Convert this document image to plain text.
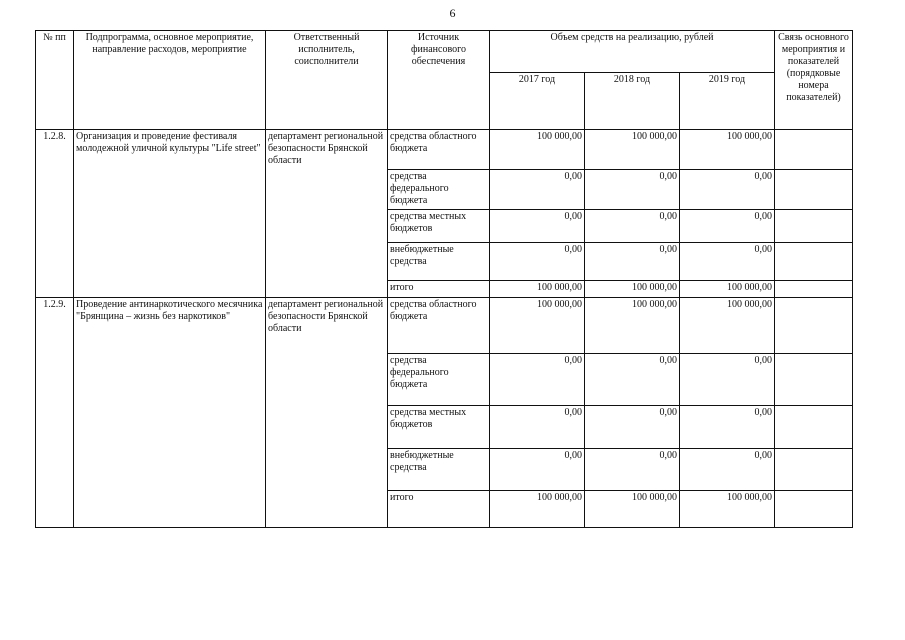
6
№ пп	Подпрограмма, основное мероприятие, направление расходов, мероприятие	Ответственный исполнитель, соисполнители	Источник финансового обеспечения	Объем средств на реализацию, рублей			Связь основного мероприятия и показателей (порядковые номера показателей)
				2017 год	2018 год	2019 год	
1.2.8.	Организация и проведение фестиваля молодежной уличной культуры "Life street"	департамент региональной безопасности Брянской области	средства областного бюджета	100 000,00	100 000,00	100 000,00	
			средства федерального бюджета	0,00	0,00	0,00	
			средства местных бюджетов	0,00	0,00	0,00	
			внебюджетные средства	0,00	0,00	0,00	
			итого	100 000,00	100 000,00	100 000,00	
1.2.9.	Проведение антинаркотического месячника "Брянщина – жизнь без наркотиков"	департамент региональной безопасности Брянской области	средства областного бюджета	100 000,00	100 000,00	100 000,00	
			средства федерального бюджета	0,00	0,00	0,00	
			средства местных бюджетов	0,00	0,00	0,00	
			внебюджетные средства	0,00	0,00	0,00	
			итого	100 000,00	100 000,00	100 000,00	
